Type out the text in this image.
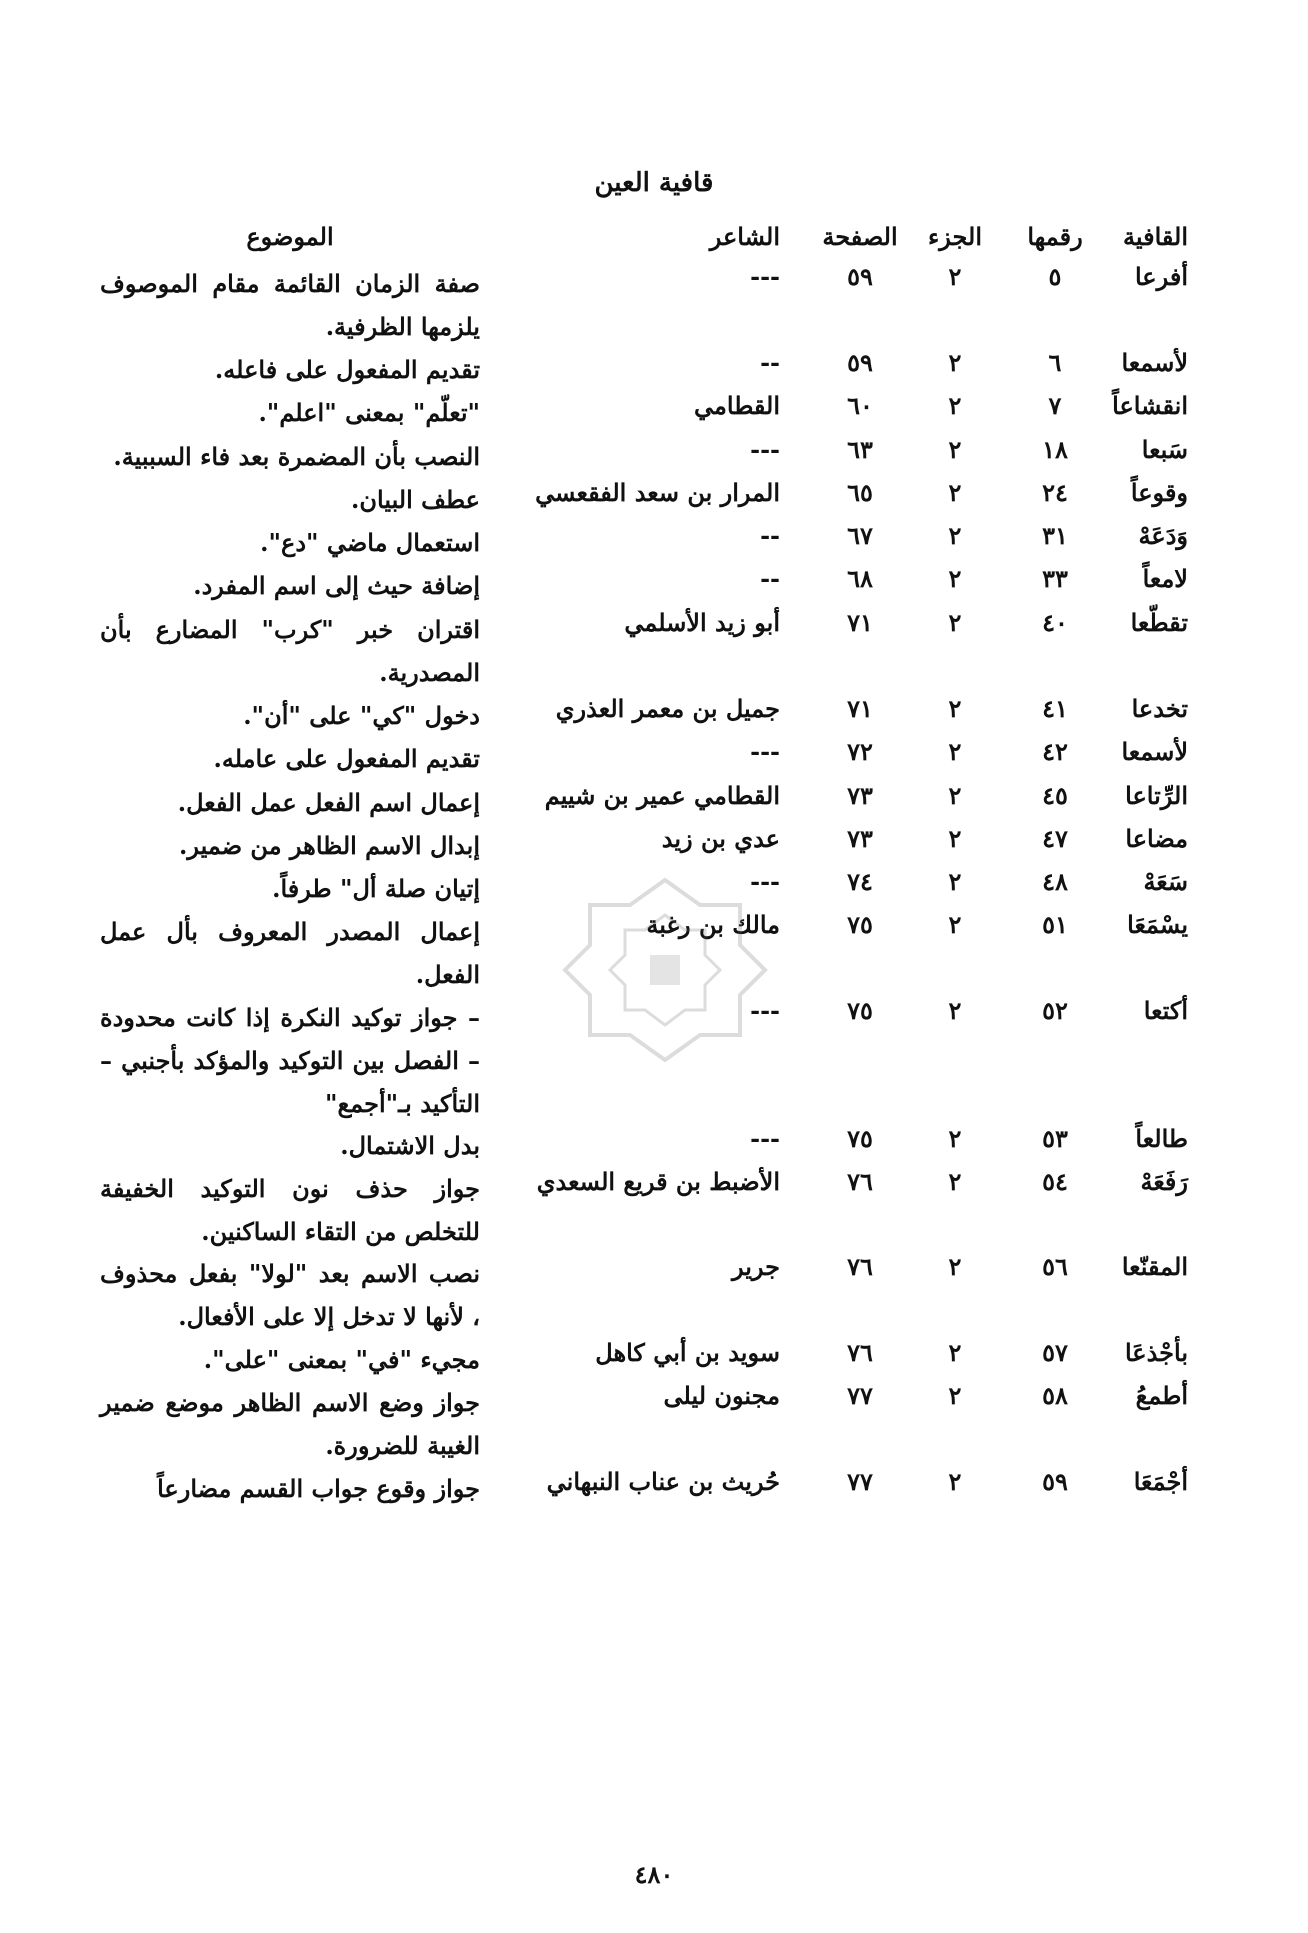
قافية العين
القافية
رقمها
الجزء
الصفحة
الشاعر
الموضوع
أفرعا
٥
٢
٥٩
---
صفة الزمان القائمة مقام الموصوف يلزمها الظرفية.
لأسمعا
٦
٢
٥٩
--
تقديم المفعول على فاعله.
انقشاعاً
٧
٢
٦٠
القطامي
"تعلّم" بمعنى "اعلم".
سَبعا
١٨
٢
٦٣
---
النصب بأن المضمرة بعد فاء السببية.
وقوعاً
٢٤
٢
٦٥
المرار بن سعد الفقعسي
عطف البيان.
وَدَعَهْ
٣١
٢
٦٧
--
استعمال ماضي "دع".
لامعاً
٣٣
٢
٦٨
--
إضافة حيث إلى اسم المفرد.
تقطّعا
٤٠
٢
٧١
أبو زيد الأسلمي
اقتران خبر "كرب" المضارع بأن المصدرية.
تخدعا
٤١
٢
٧١
جميل بن معمر العذري
دخول "كي" على "أن".
لأسمعا
٤٢
٢
٧٢
---
تقديم المفعول على عامله.
الرِّتاعا
٤٥
٢
٧٣
القطامي عمير بن شييم
إعمال اسم الفعل عمل الفعل.
مضاعا
٤٧
٢
٧٣
عدي بن زيد
إبدال الاسم الظاهر من ضمير.
سَعَهْ
٤٨
٢
٧٤
---
إتيان صلة أل" طرفاً.
يسْمَعَا
٥١
٢
٧٥
مالك بن رغبة
إعمال المصدر المعروف بأل عمل الفعل.
أكتعا
٥٢
٢
٧٥
---
– جواز توكيد النكرة إذا كانت محدودة – الفصل بين التوكيد والمؤكد بأجنبي – التأكيد بـ"أجمع"
طالعاً
٥٣
٢
٧٥
---
بدل الاشتمال.
رَفَعَهْ
٥٤
٢
٧٦
الأضبط بن قريع السعدي
جواز حذف نون التوكيد الخفيفة للتخلص من التقاء الساكنين.
المقنّعا
٥٦
٢
٧٦
جرير
نصب الاسم بعد "لولا" بفعل محذوف ، لأنها لا تدخل إلا على الأفعال.
بأجْذعَا
٥٧
٢
٧٦
سويد بن أبي كاهل
مجيء "في" بمعنى "على".
أطمعُ
٥٨
٢
٧٧
مجنون ليلى
جواز وضع الاسم الظاهر موضع ضمير الغيبة للضرورة.
أجْمَعَا
٥٩
٢
٧٧
حُريث بن عناب النبهاني
جواز وقوع جواب القسم مضارعاً
٤٨٠
